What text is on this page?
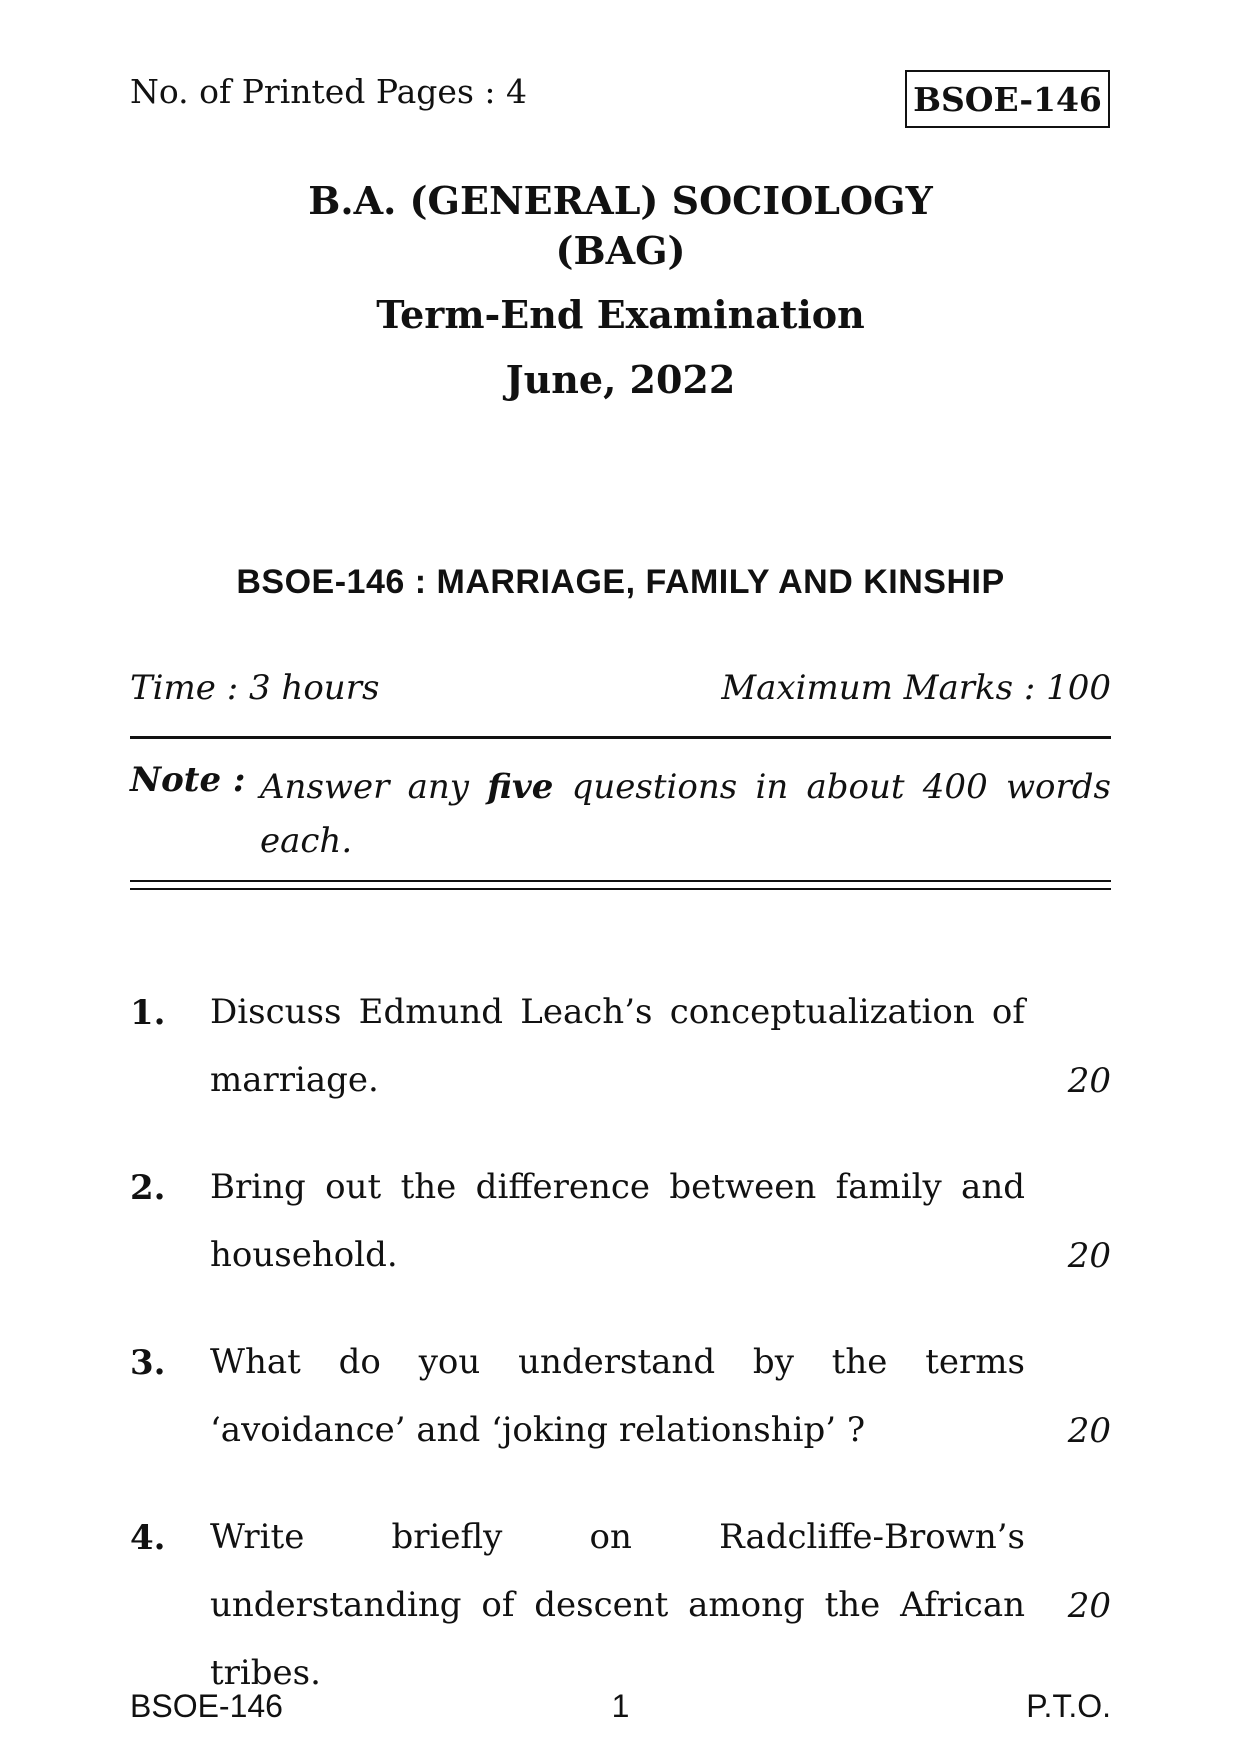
No. of Printed Pages : 4	BSOE-146
B.A. (GENERAL) SOCIOLOGY
(BAG)
Term-End Examination
June, 2022
BSOE-146 : MARRIAGE, FAMILY AND KINSHIP
Time : 3 hours	Maximum Marks : 100
Note : Answer any five questions in about 400 words each.
1. Discuss Edmund Leach’s conceptualization of marriage.	20
2. Bring out the difference between family and household.	20
3. What do you understand by the terms ‘avoidance’ and ‘joking relationship’ ?	20
4. Write briefly on Radcliffe-Brown’s understanding of descent among the African tribes.
20
BSOE-146	1	P.T.O.
